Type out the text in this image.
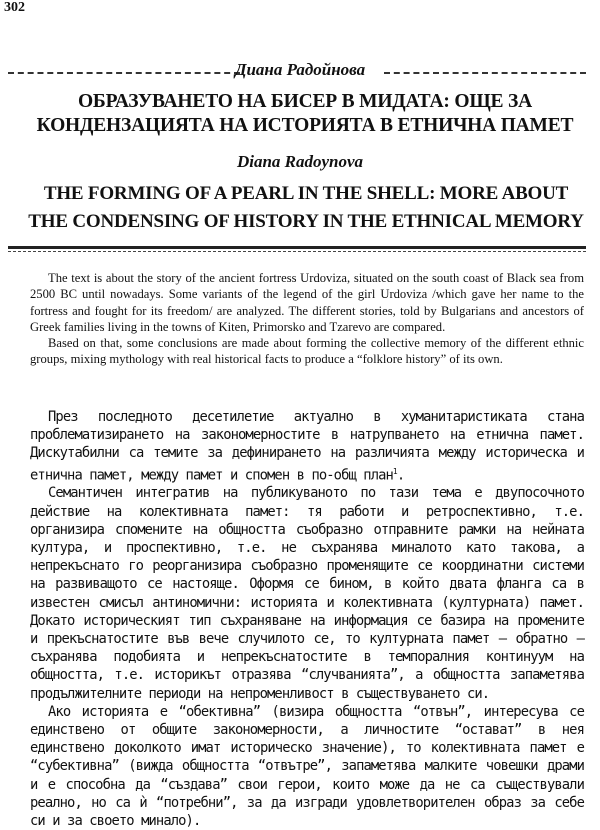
302
Диана Радойнова
ОБРАЗУВАНЕТО НА БИСЕР В МИДАТА: ОЩЕ ЗА
КОНДЕНЗАЦИЯТА НА ИСТОРИЯТА В ЕТНИЧНА ПАМЕТ
Diana Radoynova
THE FORMING OF A PEARL IN THE SHELL: MORE ABOUT
THE CONDENSING OF HISTORY IN THE ETHNICAL MEMORY

The text is about the story of the ancient fortress Urdoviza, situated on the south coast of Black sea from 2500 BC until nowadays. Some variants of the legend of the girl Urdoviza /which gave her name to the fortress and fought for its freedom/ are analyzed. The different stories, told by Bulgarians and ancestors of Greek families living in the towns of Kiten, Primorsko and Tzarevo are compared.

Based on that, some conclusions are made about forming the collective memory of the different ethnic groups, mixing mythology with real historical facts to produce a “folklore history” of its own.

През последното десетилетие актуално в хуманитаристиката стана проблематизирането на закономерностите в натрупването на етнична памет. Дискутабилни са темите за дефинирането на различията между историческа и етнична памет, между памет и спомен в по-общ план$^1$.

Семантичен интегратив на публикуваното по тази тема е двупосочното действие на колективната памет: тя работи и ретроспективно, т.е. организира спомените на общността съобразно отправните рамки на нейната култура, и проспективно, т.е. не съхранява миналото като такова, а непрекъснато го реорганизира съобразно променящите се координатни системи на развиващото се настояще. Оформя се бином, в който двата фланга са в известен смисъл антиномични: историята и колективната (културната) памет. Докато историческият тип съхраняване на информация се базира на промените и прекъснатостите във вече случилото се, то културната памет – обратно – съхранява подобията и непрекъснатостите в темпоралния континуум на общността, т.е. историкът отразява “случванията”, а общността запаметява продължителните периоди на непроменливост в съществуването си.

Ако историята е “обективна” (визира общността “отвън”, интересува се единствено от общите закономерности, а личностите “остават” в нея единствено доколкото имат историческо значение), то колективната памет е “субективна” (вижда общността “отвътре”, запаметява малките човешки драми и е способна да “създава” свои герои, които може да не са съществували реално, но са ѝ “потребни”, за да изгради удовлетворителен образ за себе си и за своето минало).
